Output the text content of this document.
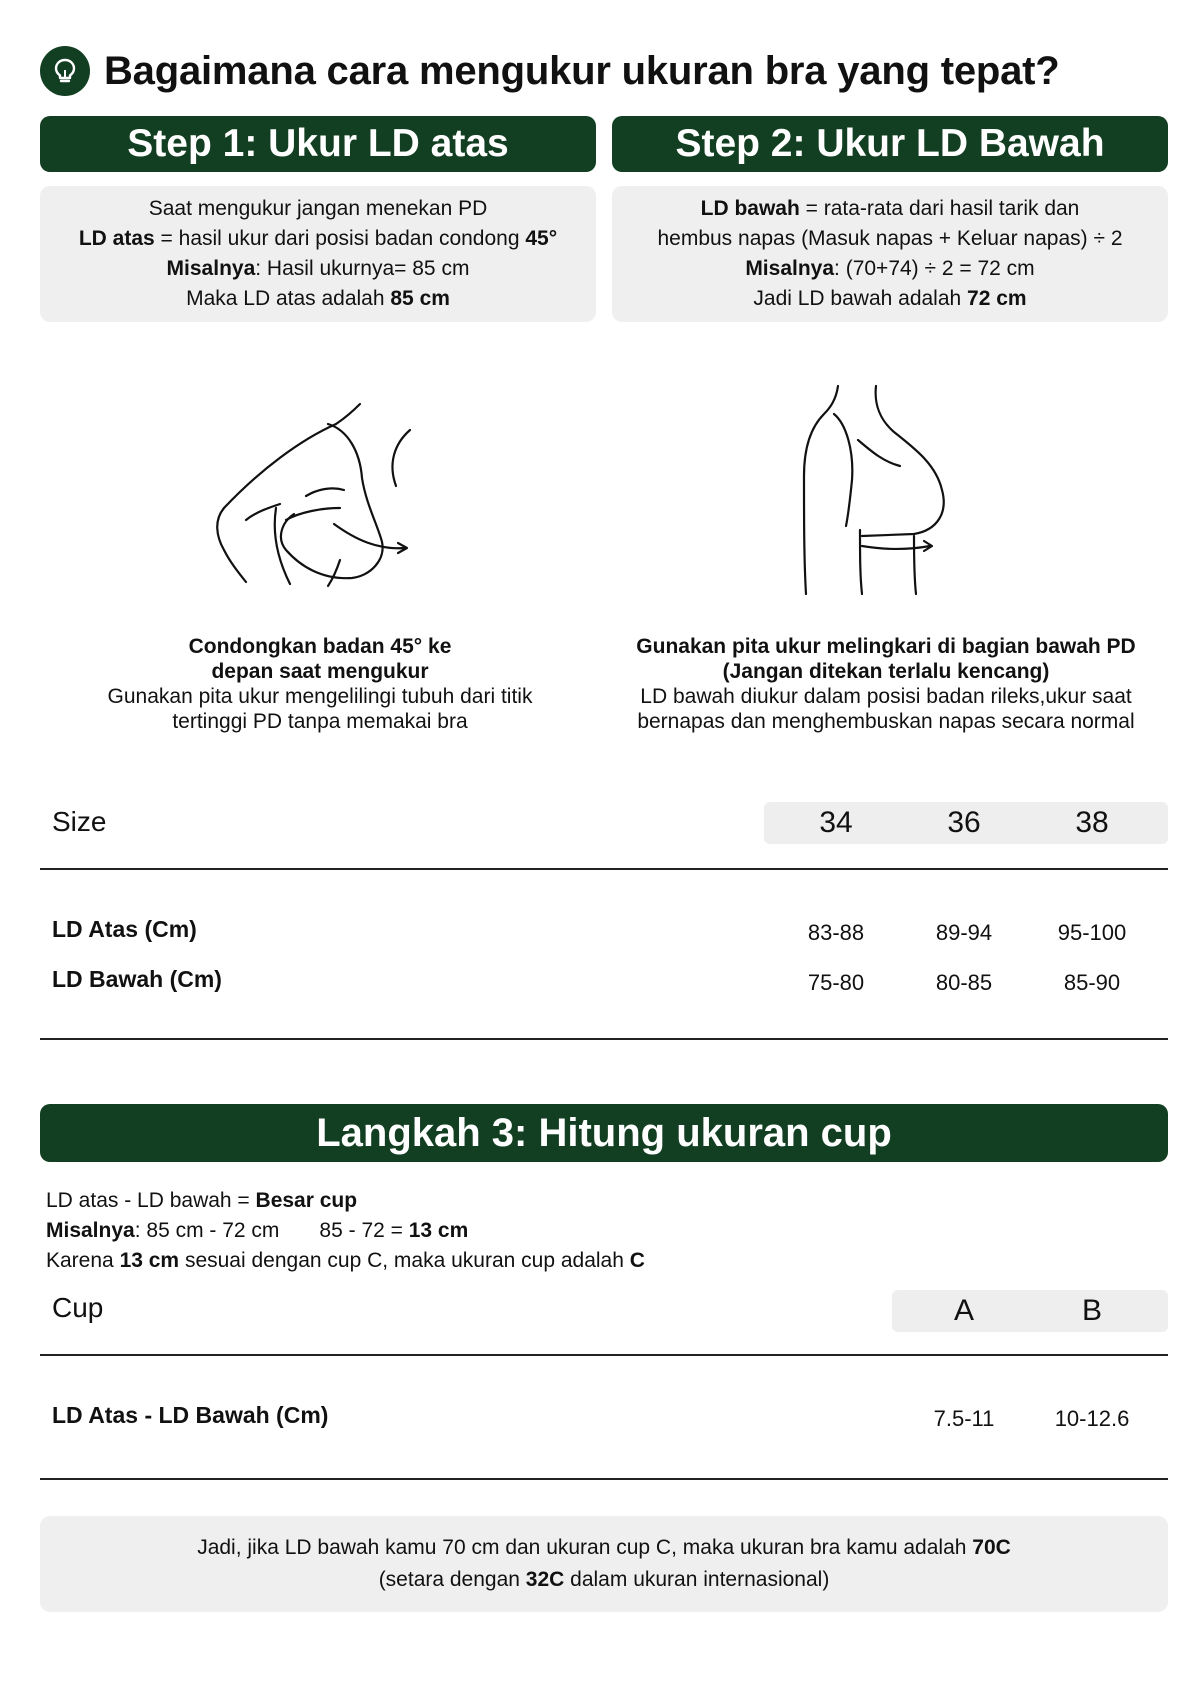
Bagaimana cara mengukur ukuran bra yang tepat?
Step 1: Ukur LD atas	Step 2: Ukur LD Bawah
Saat mengukur jangan menekan PD
LD atas = hasil ukur dari posisi badan condong 45°
Misalnya: Hasil ukurnya= 85 cm
Maka LD atas adalah 85 cm
LD bawah = rata-rata dari hasil tarik dan
hembus napas (Masuk napas + Keluar napas) ÷ 2
Misalnya: (70+74) ÷ 2 = 72 cm
Jadi LD bawah adalah 72 cm
Condongkan badan 45° ke
depan saat mengukur
Gunakan pita ukur mengelilingi tubuh dari titik
tertinggi PD tanpa memakai bra
Gunakan pita ukur melingkari di bagian bawah PD
(Jangan ditekan terlalu kencang)
LD bawah diukur dalam posisi badan rileks,ukur saat
bernapas dan menghembuskan napas secara normal
Size	34	36	38
LD Atas (Cm)	83-88	89-94	95-100
LD Bawah (Cm)	75-80	80-85	85-90
Langkah 3: Hitung ukuran cup
LD atas - LD bawah = Besar cup
Misalnya: 85 cm - 72 cm 85 - 72 = 13 cm
Karena 13 cm sesuai dengan cup C, maka ukuran cup adalah C
Cup	A	B
LD Atas - LD Bawah (Cm)	7.5-11	10-12.6
Jadi, jika LD bawah kamu 70 cm dan ukuran cup C, maka ukuran bra kamu adalah 70C
(setara dengan 32C dalam ukuran internasional)
